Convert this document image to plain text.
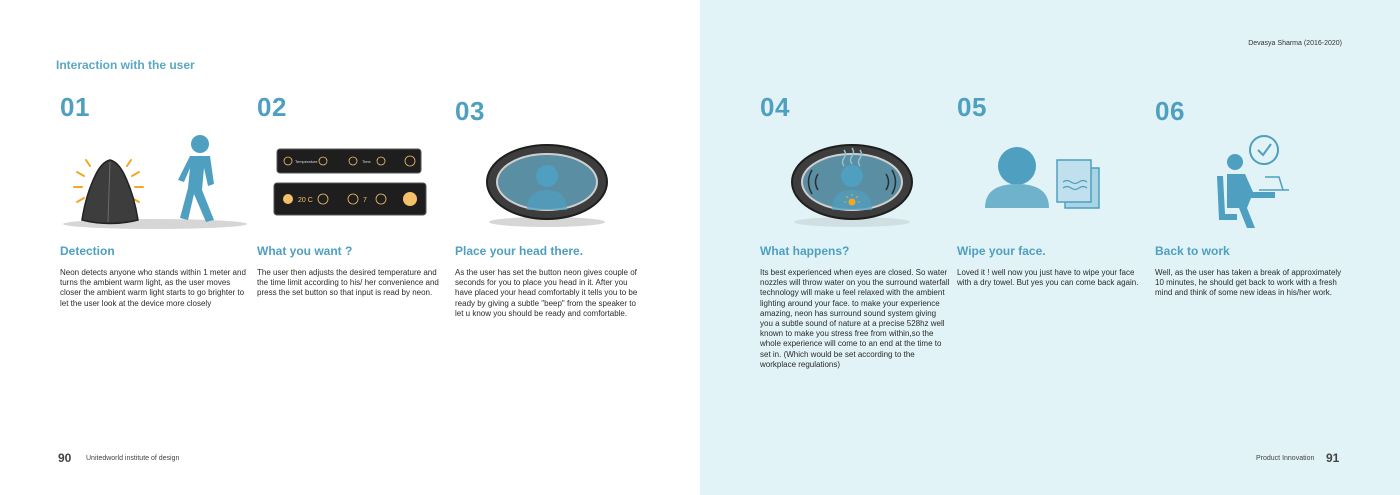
Interaction with the user
01
Detection
Neon detects anyone who stands within 1 meter and turns the ambient warm light, as the user moves closer the ambient warm light starts to go brighter to let the user look at the device more closely
02
Temperature	Time
20 C	7
What you want ?
The user then adjusts the desired temperature and the time limit according to his/ her convenience and press the set button so that input is read by neon.
03
Place your head there.
As the user has set the button neon gives couple of seconds for you to place you head in it. After you have placed your head comfortably it tells you to be ready by giving a subtle "beep" from the speaker to let u know you should be ready and comfortable.
90 Unitedworld institute of design
Devasya Sharma (2016-2020)
04
What happens?
Its best experienced when eyes are closed. So water nozzles will throw water on you the surround waterfall technology will make u feel relaxed with the ambient lighting around your face. to make your experience amazing, neon has surround sound system giving you a subtle sound of nature at a precise 528hz well known to make you stress free from within,so the whole experience will come to an end at the time to set in. (Which would be set according to the workplace regulations)
05
Wipe your face.
Loved it ! well now you just have to wipe your face with a dry towel. But yes you can come back again.
06
Back to work
Well, as the user has taken a break of approximately 10 minutes, he should get back to work with a fresh mind and think of some new ideas in his/her work.
Product Innovation 91
